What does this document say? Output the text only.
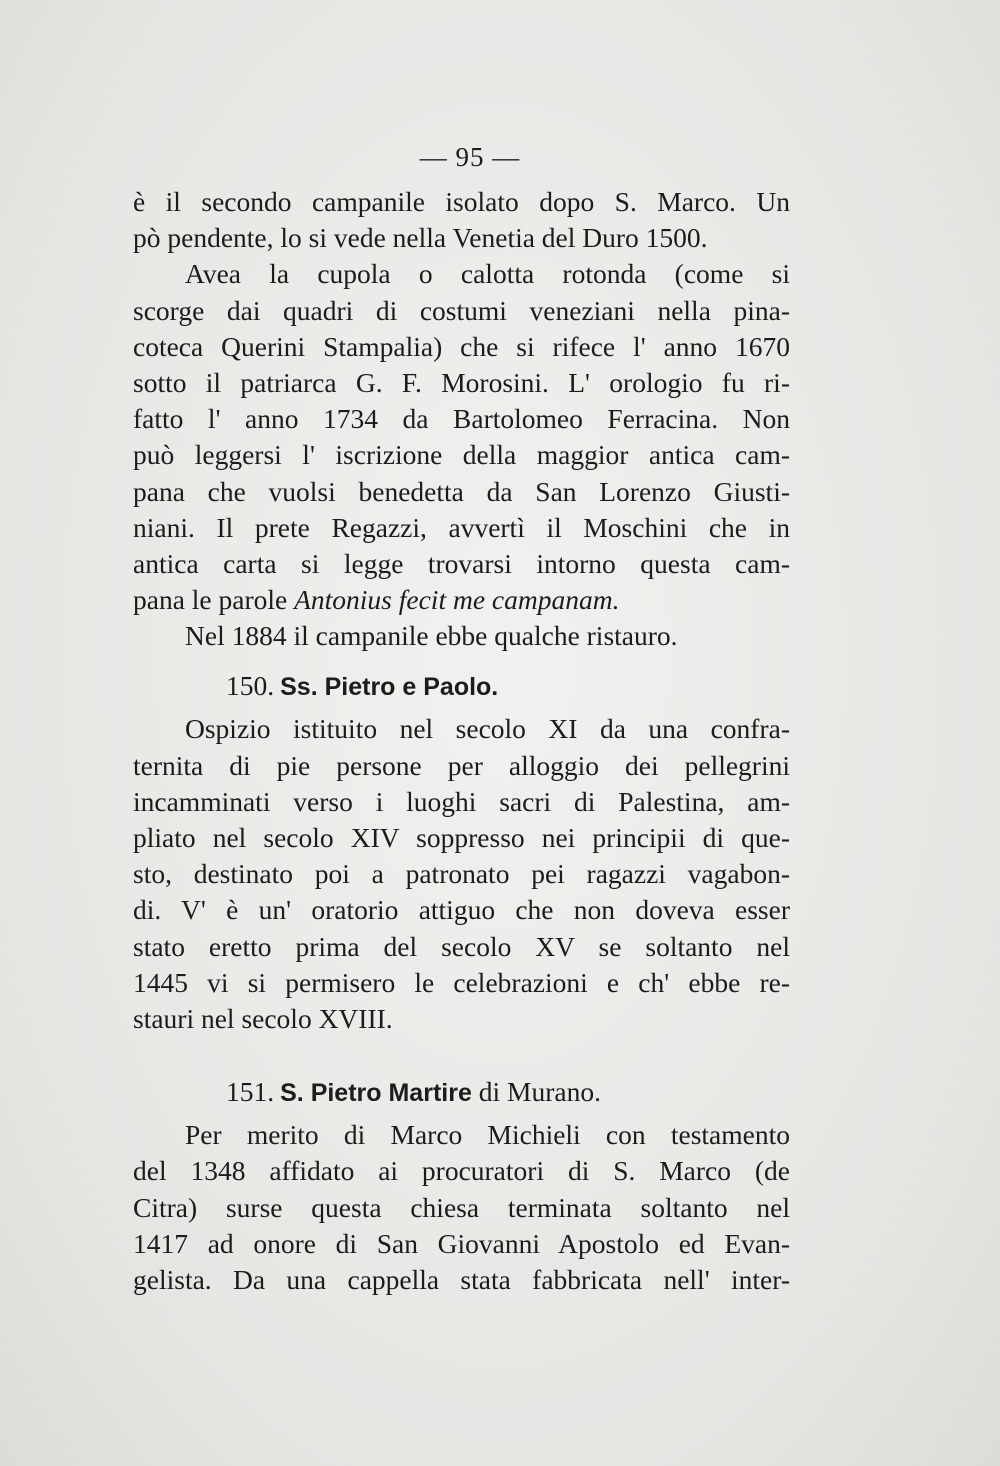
— 95 —
è il secondo campanile isolato dopo S. Marco. Un
pò pendente, lo si vede nella Venetia del Duro 1500.
Avea la cupola o calotta rotonda (come si
scorge dai quadri di costumi veneziani nella pina-
coteca Querini Stampalia) che si rifece l' anno 1670
sotto il patriarca G. F. Morosini. L' orologio fu ri-
fatto l' anno 1734 da Bartolomeo Ferracina. Non
può leggersi l' iscrizione della maggior antica cam-
pana che vuolsi benedetta da San Lorenzo Giusti-
niani. Il prete Regazzi, avvertì il Moschini che in
antica carta si legge trovarsi intorno questa cam-
pana le parole Antonius fecit me campanam.
Nel 1884 il campanile ebbe qualche ristauro.
150. Ss. Pietro e Paolo.
Ospizio istituito nel secolo XI da una confra-
ternita di pie persone per alloggio dei pellegrini
incamminati verso i luoghi sacri di Palestina, am-
pliato nel secolo XIV soppresso nei principii di que-
sto, destinato poi a patronato pei ragazzi vagabon-
di. V' è un' oratorio attiguo che non doveva esser
stato eretto prima del secolo XV se soltanto nel
1445 vi si permisero le celebrazioni e ch' ebbe re-
stauri nel secolo XVIII.
151. S. Pietro Martire di Murano.
Per merito di Marco Michieli con testamento
del 1348 affidato ai procuratori di S. Marco (de
Citra) surse questa chiesa terminata soltanto nel
1417 ad onore di San Giovanni Apostolo ed Evan-
gelista. Da una cappella stata fabbricata nell' inter-
